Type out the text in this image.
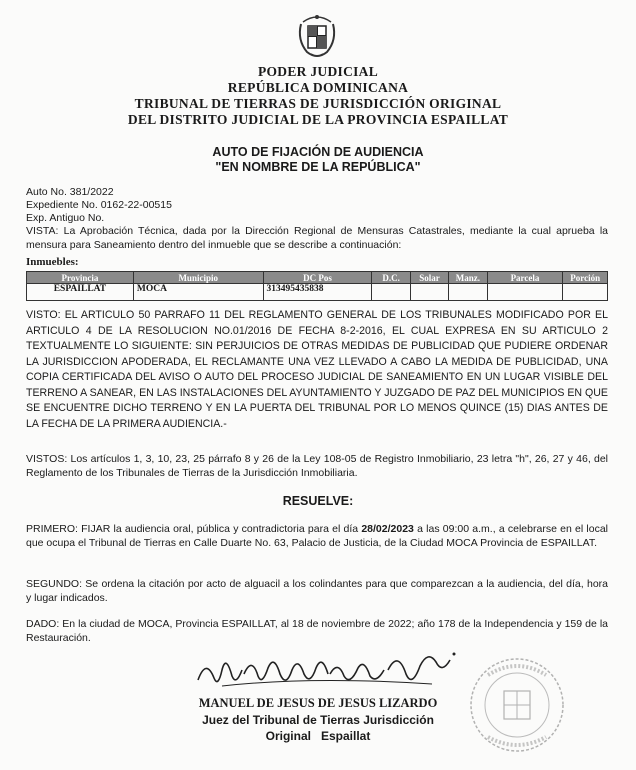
PODER JUDICIAL
REPÚBLICA DOMINICANA
TRIBUNAL DE TIERRAS DE JURISDICCIÓN ORIGINAL
DEL DISTRITO JUDICIAL DE LA PROVINCIA ESPAILLAT
AUTO DE FIJACIÓN DE AUDIENCIA
"EN NOMBRE DE LA REPÚBLICA"
Auto No. 381/2022
Expediente No. 0162-22-00515
Exp. Antiguo No.
VISTA: La Aprobación Técnica, dada por la Dirección Regional de Mensuras Catastrales, mediante la cual aprueba la mensura para Saneamiento dentro del inmueble que se describe a continuación:
Inmuebles:
Provincia	Municipio	DC Pos	D.C.	Solar	Manz.	Parcela	Porción
ESPAILLAT	MOCA	313495435838					
VISTO: EL ARTICULO 50 PARRAFO 11 DEL REGLAMENTO GENERAL DE LOS TRIBUNALES MODIFICADO POR EL ARTICULO 4 DE LA RESOLUCION NO.01/2016 DE FECHA 8-2-2016, EL CUAL EXPRESA EN SU ARTICULO 2 TEXTUALMENTE LO SIGUIENTE: SIN PERJUICIOS DE OTRAS MEDIDAS DE PUBLICIDAD QUE PUDIERE ORDENAR LA JURISDICCION APODERADA, EL RECLAMANTE UNA VEZ LLEVADO A CABO LA MEDIDA DE PUBLICIDAD, UNA COPIA CERTIFICADA DEL AVISO O AUTO DEL PROCESO JUDICIAL DE SANEAMIENTO EN UN LUGAR VISIBLE DEL TERRENO A SANEAR, EN LAS INSTALACIONES DEL AYUNTAMIENTO Y JUZGADO DE PAZ DEL MUNICIPIOS EN QUE SE ENCUENTRE DICHO TERRENO Y EN LA PUERTA DEL TRIBUNAL POR LO MENOS QUINCE (15) DIAS ANTES DE LA FECHA DE LA PRIMERA AUDIENCIA.-
VISTOS: Los artículos 1, 3, 10, 23, 25 párrafo 8 y 26 de la Ley 108-05 de Registro Inmobiliario, 23 letra "h", 26, 27 y 46, del Reglamento de los Tribunales de Tierras de la Jurisdicción Inmobiliaria.
RESUELVE:
PRIMERO: FIJAR la audiencia oral, pública y contradictoria para el día 28/02/2023 a las 09:00 a.m., a celebrarse en el local que ocupa el Tribunal de Tierras en Calle Duarte No. 63, Palacio de Justicia, de la Ciudad MOCA Provincia de ESPAILLAT.
SEGUNDO: Se ordena la citación por acto de alguacil a los colindantes para que comparezcan a la audiencia, del día, hora y lugar indicados.
DADO: En la ciudad de MOCA, Provincia ESPAILLAT, al 18 de noviembre de 2022; año 178 de la Independencia y 159 de la Restauración.
MANUEL DE JESUS DE JESUS LIZARDO
Juez del Tribunal de Tierras Jurisdicción
Original   Espaillat
